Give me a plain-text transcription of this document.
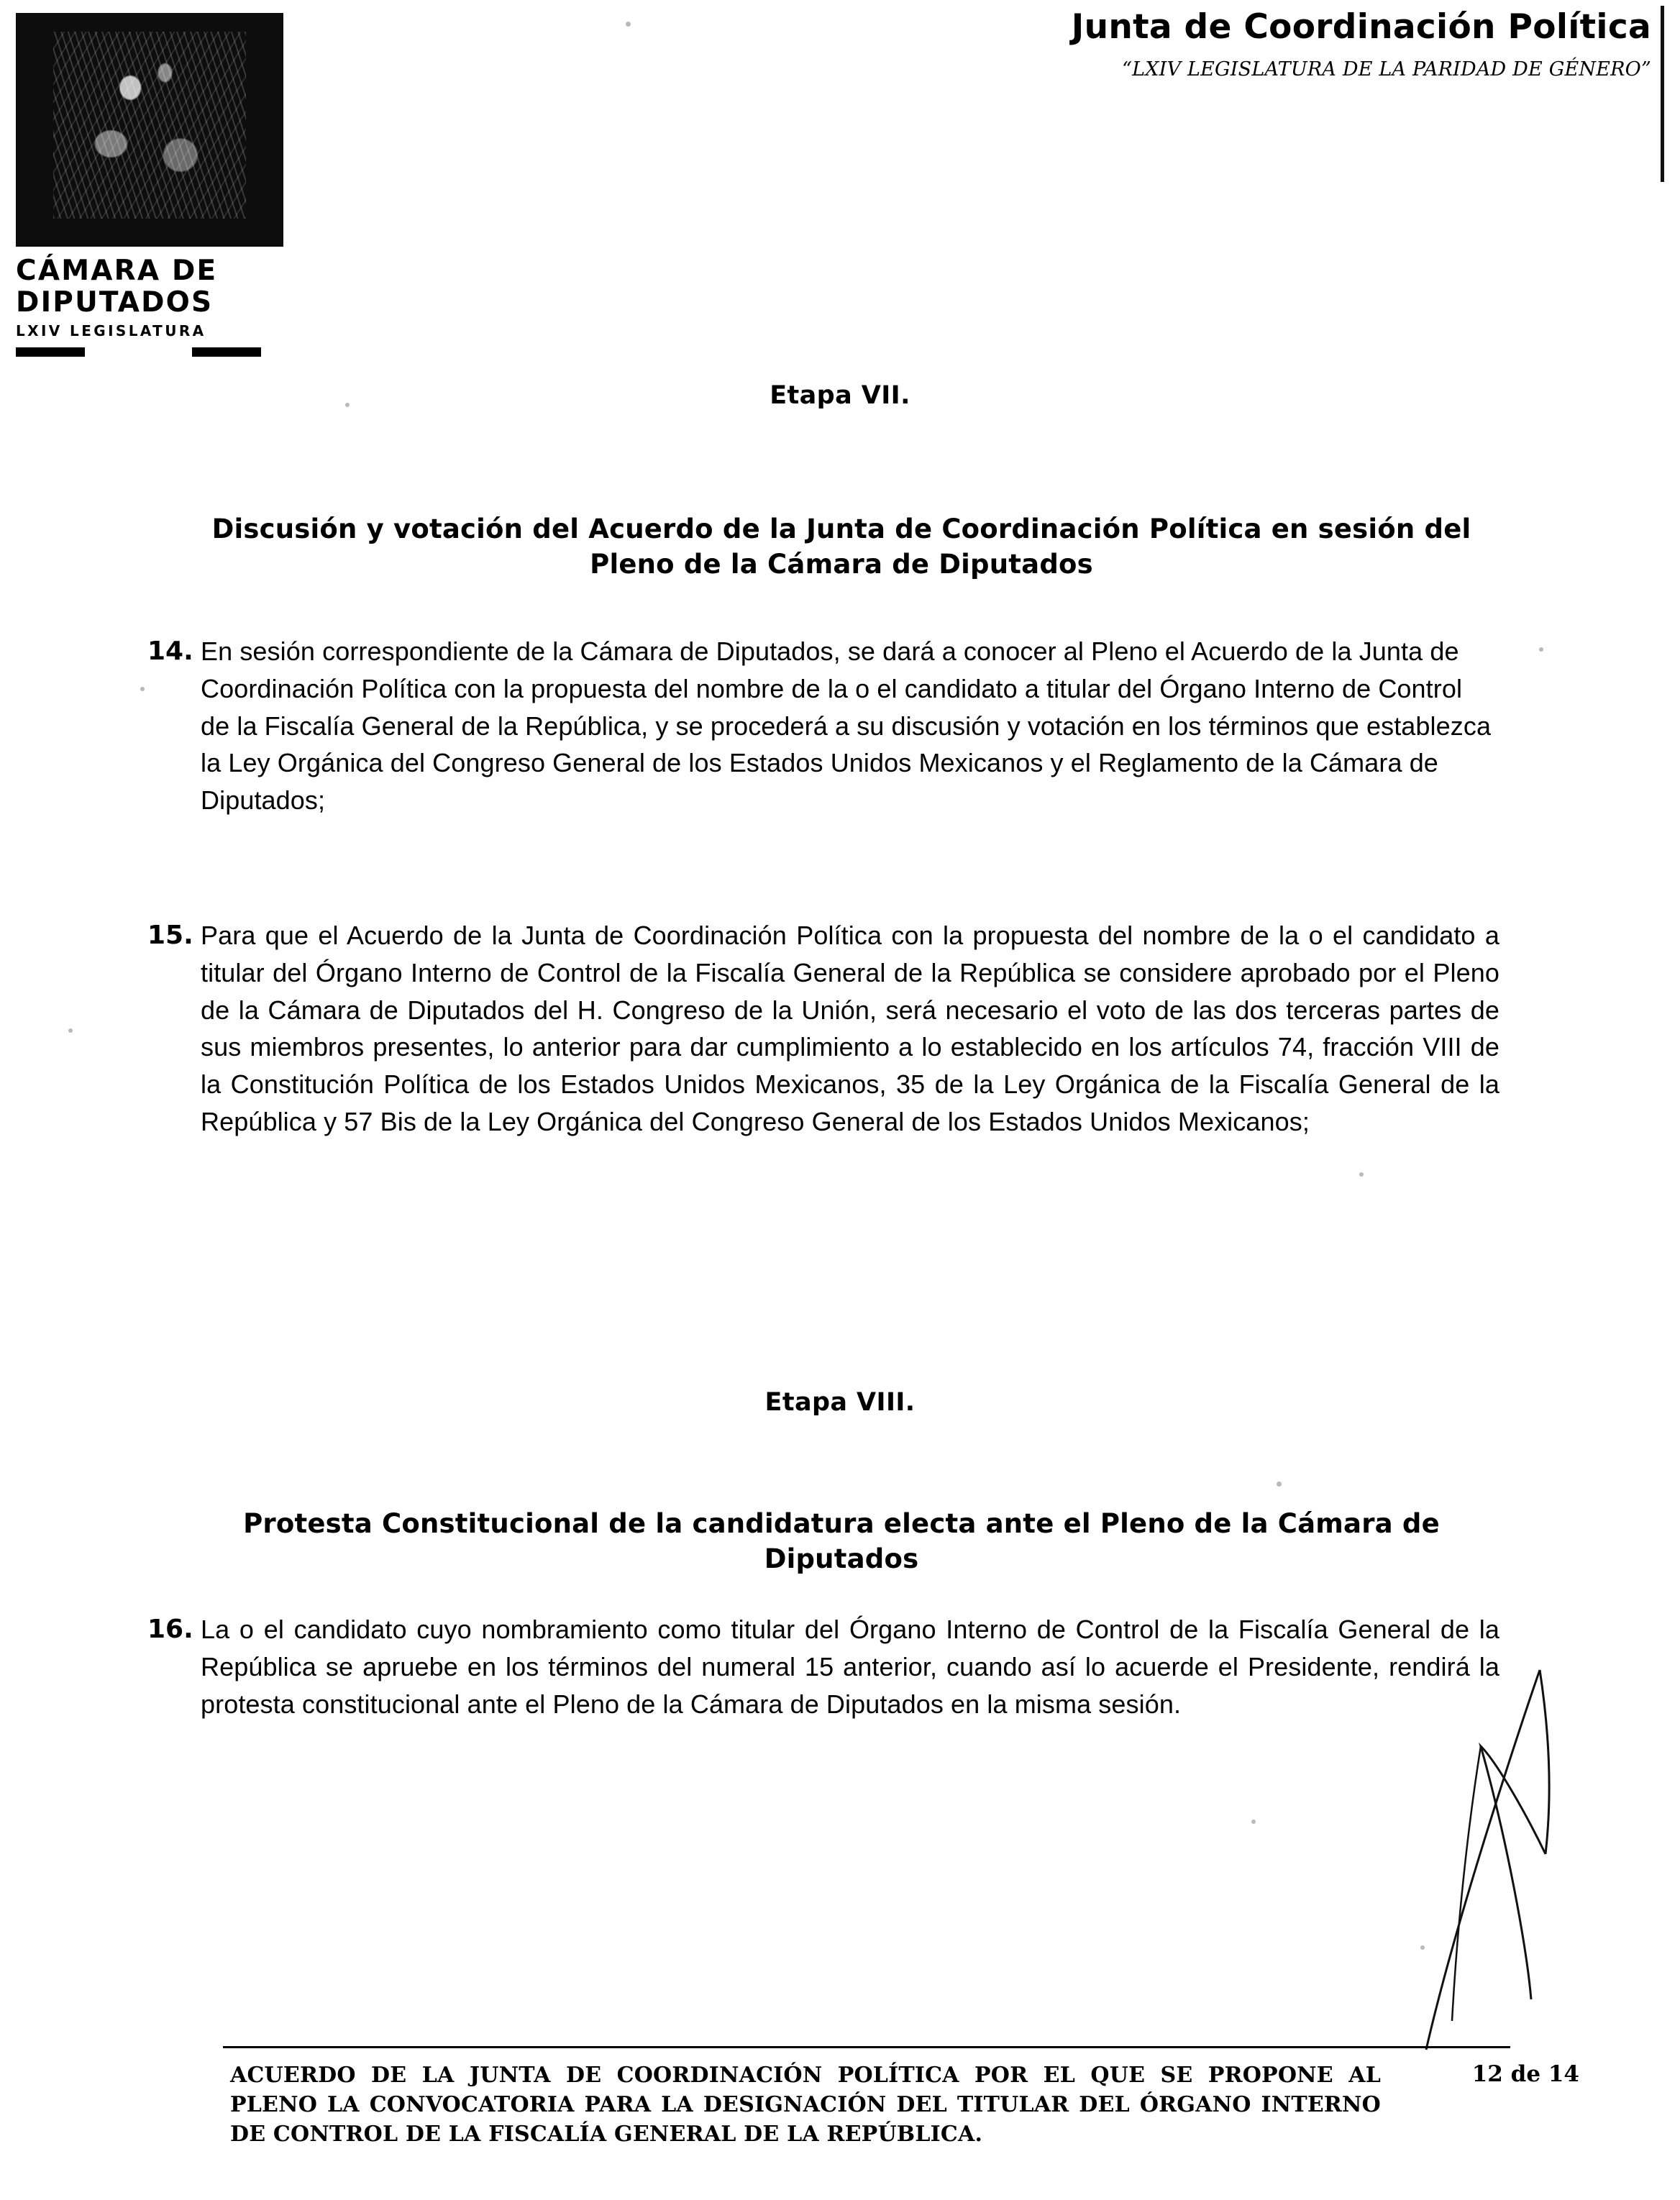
CÁMARA DE DIPUTADOS
LXIV LEGISLATURA
Junta de Coordinación Política
“LXIV LEGISLATURA DE LA PARIDAD DE GÉNERO”
Etapa VII.
Discusión y votación del Acuerdo de la Junta de Coordinación Política en sesión del Pleno de la Cámara de Diputados
14. En sesión correspondiente de la Cámara de Diputados, se dará a conocer al Pleno el Acuerdo de la Junta de Coordinación Política con la propuesta del nombre de la o el candidato a titular del Órgano Interno de Control de la Fiscalía General de la República, y se procederá a su discusión y votación en los términos que establezca la Ley Orgánica del Congreso General de los Estados Unidos Mexicanos y el Reglamento de la Cámara de Diputados;
15. Para que el Acuerdo de la Junta de Coordinación Política con la propuesta del nombre de la o el candidato a titular del Órgano Interno de Control de la Fiscalía General de la República se considere aprobado por el Pleno de la Cámara de Diputados del H. Congreso de la Unión, será necesario el voto de las dos terceras partes de sus miembros presentes, lo anterior para dar cumplimiento a lo establecido en los artículos 74, fracción VIII de la Constitución Política de los Estados Unidos Mexicanos, 35 de la Ley Orgánica de la Fiscalía General de la República y 57 Bis de la Ley Orgánica del Congreso General de los Estados Unidos Mexicanos;
Etapa VIII.
Protesta Constitucional de la candidatura electa ante el Pleno de la Cámara de Diputados
16. La o el candidato cuyo nombramiento como titular del Órgano Interno de Control de la Fiscalía General de la República se apruebe en los términos del numeral 15 anterior, cuando así lo acuerde el Presidente, rendirá la protesta constitucional ante el Pleno de la Cámara de Diputados en la misma sesión.
ACUERDO DE LA JUNTA DE COORDINACIÓN POLÍTICA POR EL QUE SE PROPONE AL PLENO LA CONVOCATORIA PARA LA DESIGNACIÓN DEL TITULAR DEL ÓRGANO INTERNO DE CONTROL DE LA FISCALÍA GENERAL DE LA REPÚBLICA.
12 de 14
